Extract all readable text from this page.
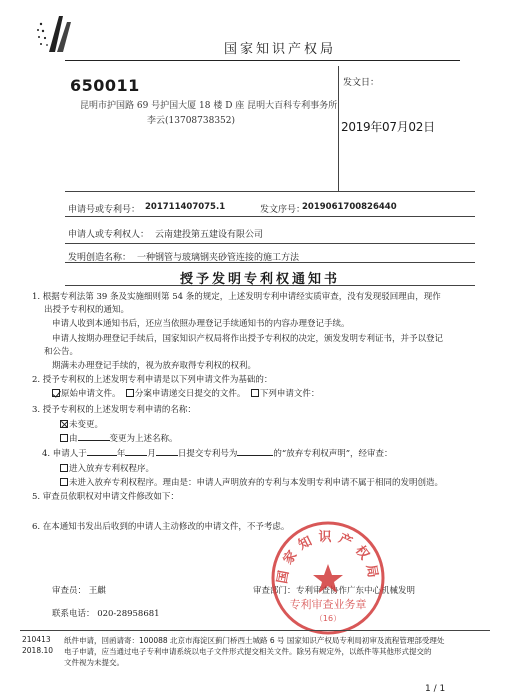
国家知识产权局
650011
昆明市护国路 69 号护国大厦 18 楼 D 座 昆明大百科专利事务所
李云(13708738352)
发文日：
2019年07月02日
申请号或专利号： 201711407075.1	发文序号：
2019061700826440
申请人或专利权人： 云南建投第五建设有限公司
发明创造名称： 一种钢管与玻璃钢夹砂管连接的施工方法
授予发明专利权通知书
1. 根据专利法第 39 条及实施细则第 54 条的规定，上述发明专利申请经实质审查，没有发现驳回理由，现作
出授予专利权的通知。
申请人收到本通知书后，还应当依照办理登记手续通知书的内容办理登记手续。
申请人按期办理登记手续后，国家知识产权局将作出授予专利权的决定，颁发发明专利证书，并予以登记
和公告。
期满未办理登记手续的，视为放弃取得专利权的权利。
2. 授予专利权的上述发明专利申请是以下列申请文件为基础的：
原始申请文件。 分案申请递交日提交的文件。 下列申请文件：
3. 授予专利权的上述发明专利申请的名称：
未变更。
由	变更为上述名称。
4. 申请人于	年	月	日提交专利号为	的“放弃专利权声明”，经审查：
进入放弃专利权程序。
未进入放弃专利权程序。理由是：申请人声明放弃的专利与本发明专利申请不属于相同的发明创造。
5. 审查员依职权对申请文件修改如下：
6. 在本通知书发出后收到的申请人主动修改的申请文件，不予考虑。
审查员： 王麒
联系电话： 020-28958681
审查部门： 专利审查协作广东中心机械发明
国家知识产权局
专利审查业务章
（16）
210413
2018.10
纸件申请，回函请寄：100088 北京市海淀区蓟门桥西土城路 6 号 国家知识产权局专利局初审及流程管理部受理处
电子申请，应当通过电子专利申请系统以电子文件形式提交相关文件。除另有规定外，以纸件等其他形式提交的
文件视为未提交。
1 / 1
